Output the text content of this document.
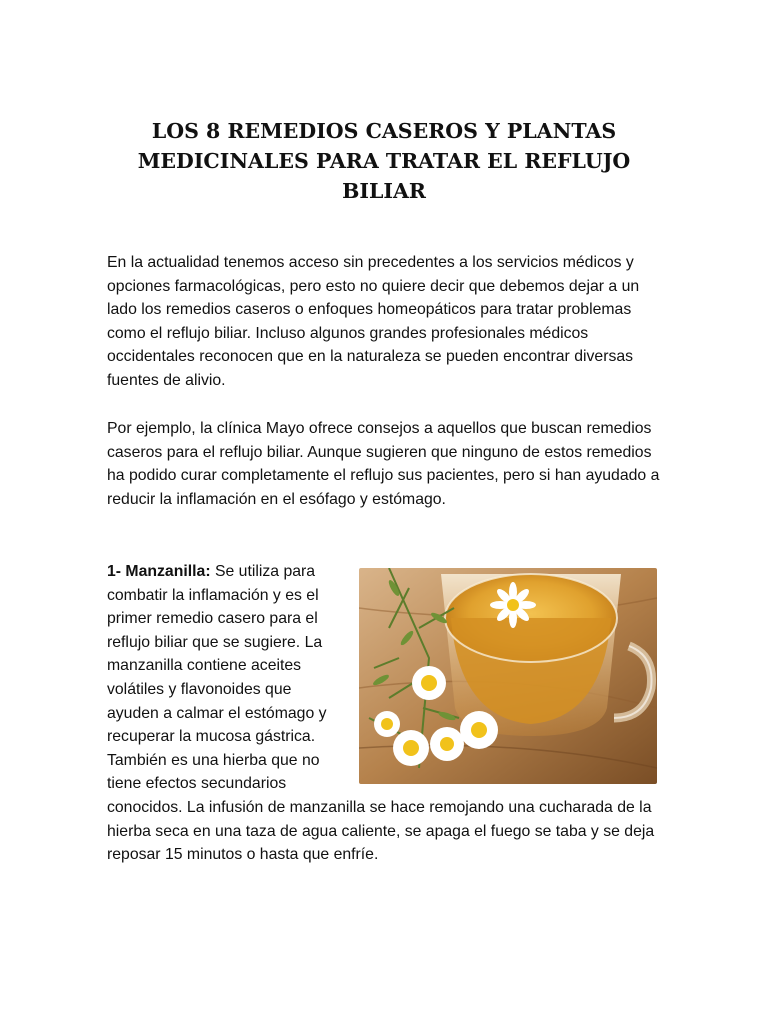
LOS 8 REMEDIOS CASEROS Y PLANTAS MEDICINALES PARA TRATAR EL REFLUJO BILIAR

En la actualidad tenemos acceso sin precedentes a los servicios médicos y opciones farmacológicas, pero esto no quiere decir que debemos dejar a un lado los remedios caseros o enfoques homeopáticos para tratar problemas como el reflujo biliar. Incluso algunos grandes profesionales médicos occidentales reconocen que en la naturaleza se pueden encontrar diversas fuentes de alivio.

Por ejemplo, la clínica Mayo ofrece consejos a aquellos que buscan remedios caseros para el reflujo biliar. Aunque sugieren que ninguno de estos remedios ha podido curar completamente el reflujo sus pacientes, pero si han ayudado a reducir la inflamación en el esófago y estómago.

1- Manzanilla: Se utiliza para combatir la inflamación y es el primer remedio casero para el reflujo biliar que se sugiere. La manzanilla contiene aceites volátiles y flavonoides que ayuden a calmar el estómago y recuperar la mucosa gástrica. También es una hierba que no tiene efectos secundarios conocidos. La infusión de manzanilla se hace remojando una cucharada de la hierba seca en una taza de agua caliente, se apaga el fuego se taba y se deja reposar 15 minutos o hasta que enfríe.
